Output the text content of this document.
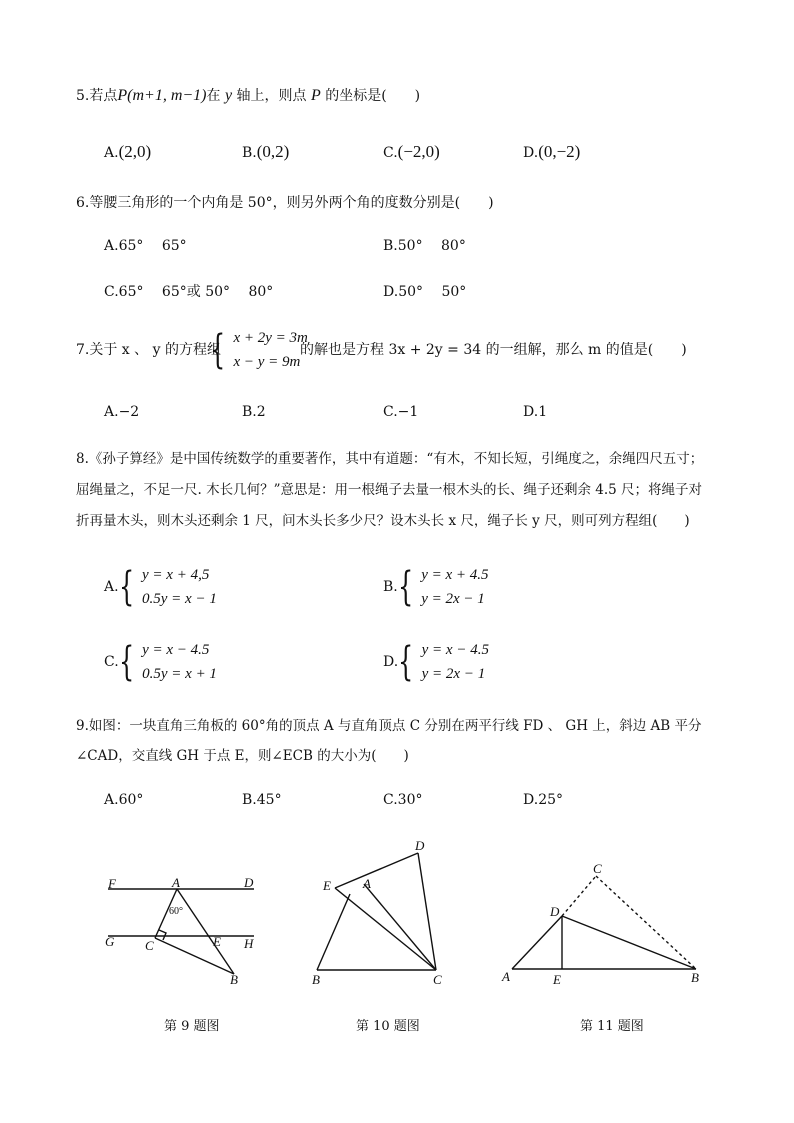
5.若点P(m+1, m−1)在 y 轴上，则点 P 的坐标是(　　)
A.(2,0)	B.(0,2)	C.(−2,0)	D.(0,−2)
6.等腰三角形的一个内角是 50°，则另外两个角的度数分别是(　　)
A.65°　 65°	B.50°　 80°
C.65°　 65°或 50°　 80°	D.50°　 50°
7.关于 x 、 y 的方程组
{ x + 2y = 3m
x − y = 9m
的解也是方程 3x + 2y = 34 的一组解，那么 m 的值是(　　)
A.−2	B.2	C.−1	D.1
8.《孙子算经》是中国传统数学的重要著作，其中有道题：“有木，不知长短，引绳度之，余绳四尺五寸；
屈绳量之，不足一尺. 木长几何？”意思是：用一根绳子去量一根木头的长、绳子还剩余 4.5 尺；将绳子对
折再量木头，则木头还剩余 1 尺，问木头长多少尺？设木头长 x 尺，绳子长 y 尺，则可列方程组(　　)
A. { y = x + 4,5
0.5y = x − 1
B. { y = x + 4.5
y = 2x − 1
C. { y = x − 4.5
0.5y = x + 1
D. { y = x − 4.5
y = 2x − 1
9.如图：一块直角三角板的 60°角的顶点 A 与直角顶点 C 分别在两平行线 FD 、 GH 上，斜边 AB 平分
∠CAD，交直线 GH 于点 E，则∠ECB 的大小为(　　)
A.60°	B.45°	C.30°	D.25°
F	A	D
G C	E H
B
60°
D
E A
B	C
C
D
A	E	B
第 9 题图	第 10 题图	第 11 题图
